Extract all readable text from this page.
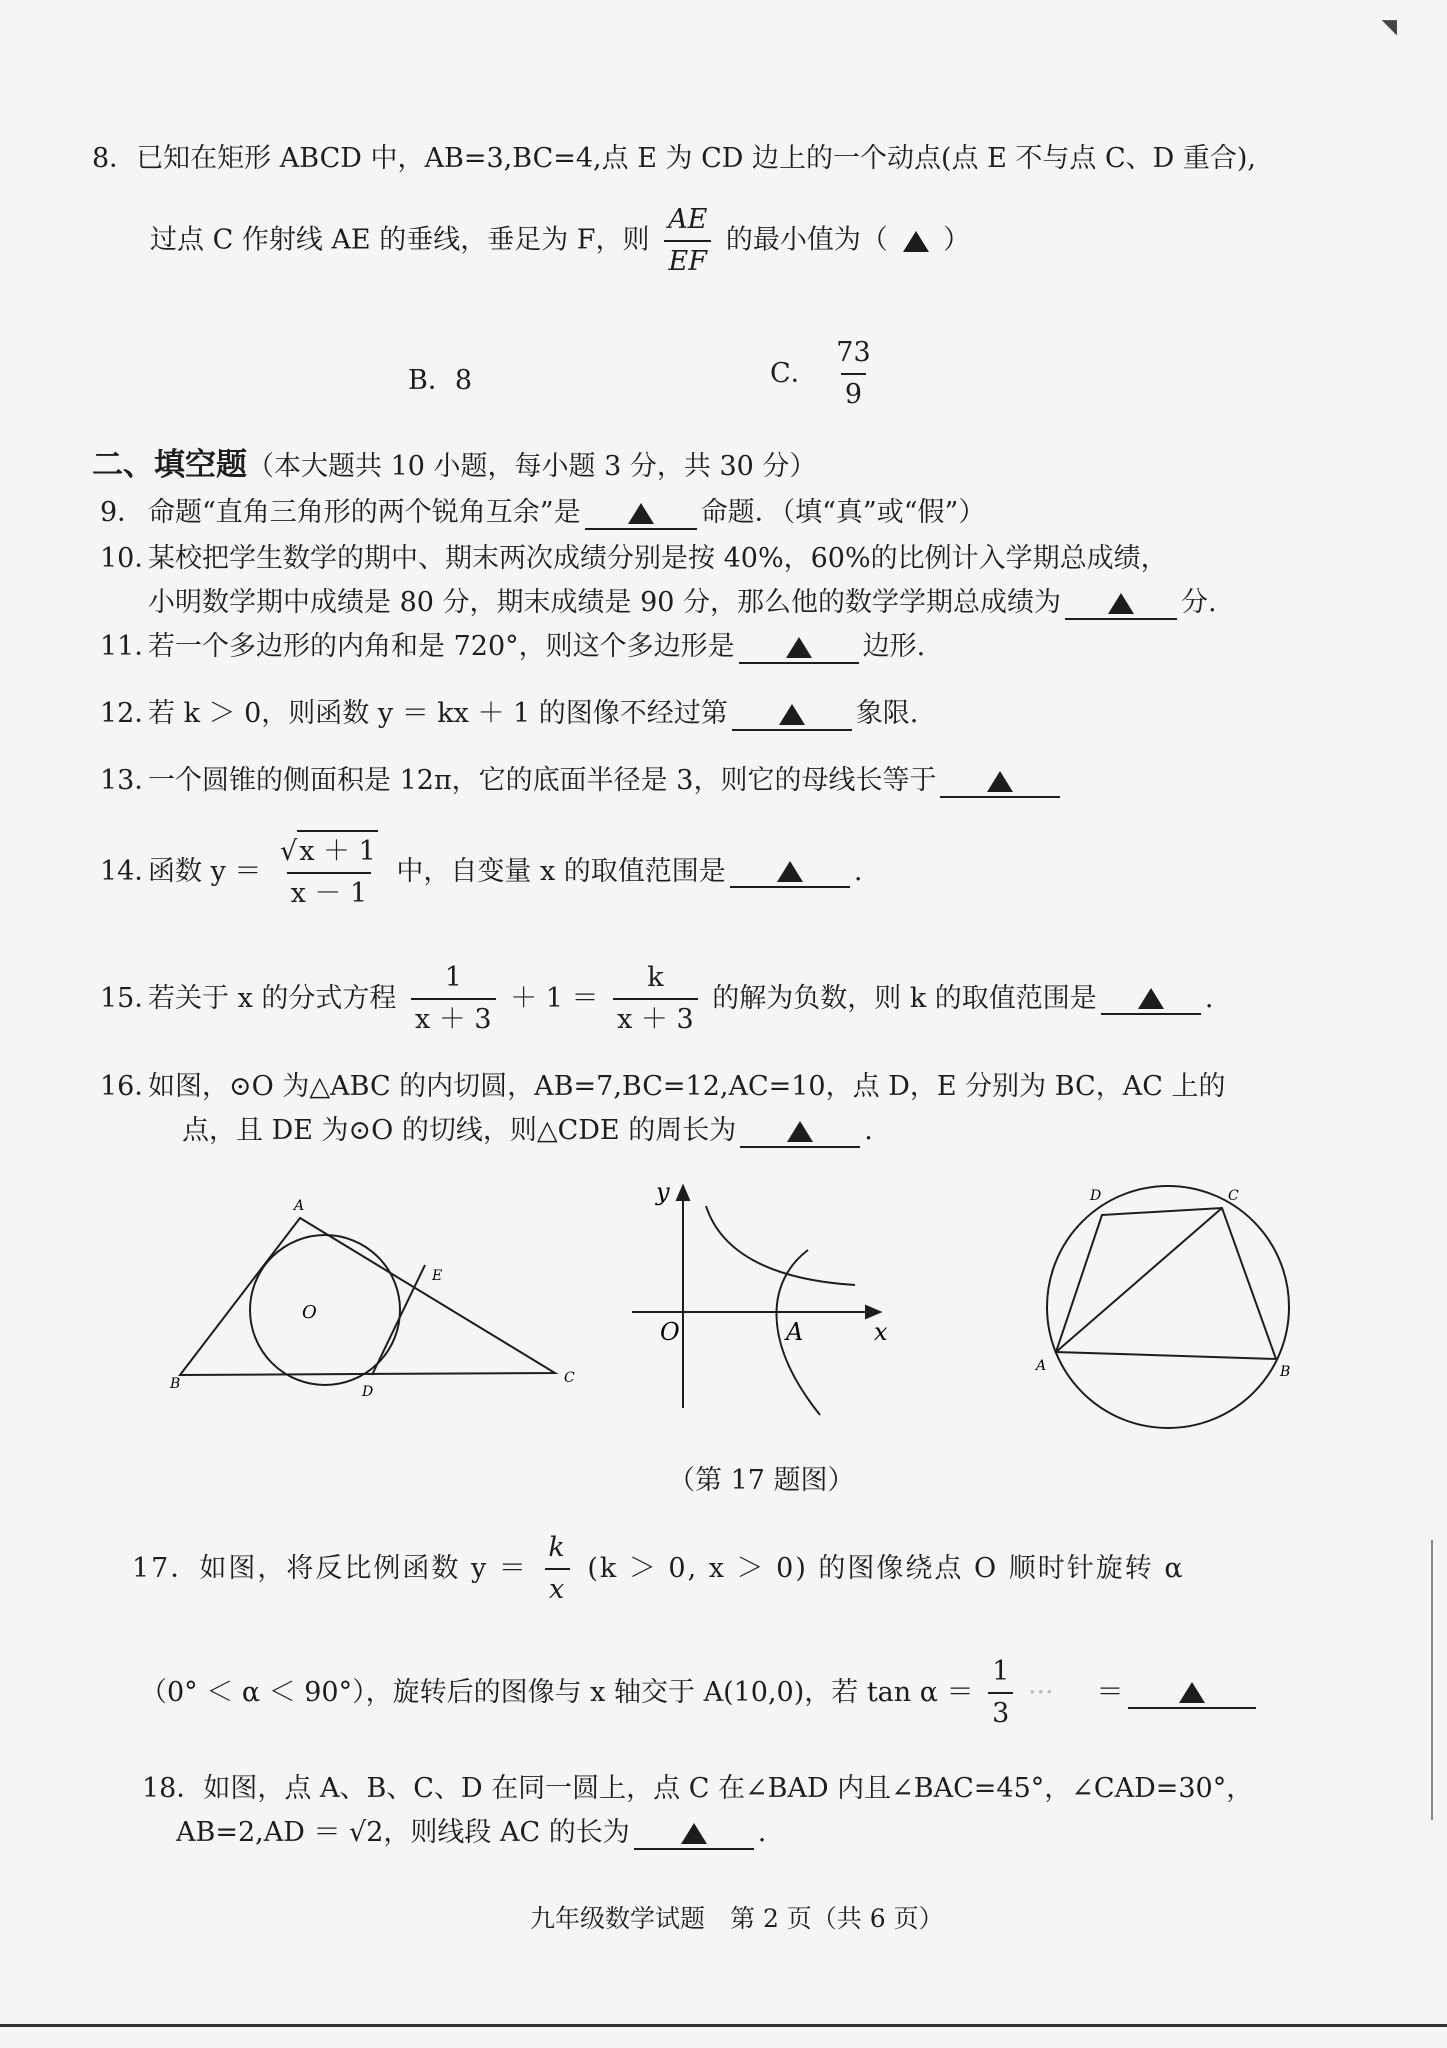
◥
8．已知在矩形 ABCD 中，AB=3,BC=4,点 E 为 CD 边上的一个动点(点 E 不与点 C、D 重合),
过点 C 作射线 AE 的垂线，垂足为 F，则 $\frac{AE}{EF}$ 的最小值为（ ）
B．8	C． $\frac{73}{9}$
二、填空题（本大题共 10 小题，每小题 3 分，共 30 分）
9． 命题“直角三角形的两个锐角互余”是	命题．（填“真”或“假”）
10．某校把学生数学的期中、期末两次成绩分别是按 40%，60%的比例计入学期总成绩，
小明数学期中成绩是 80 分，期末成绩是 90 分，那么他的数学学期总成绩为	分.
11．若一个多边形的内角和是 720°，则这个多边形是	边形.
12．若 k ＞ 0，则函数 y ＝ kx ＋ 1 的图像不经过第	象限.
13．一个圆锥的侧面积是 12π，它的底面半径是 3，则它的母线长等于
14．函数 $y = \frac{√x + 1}{x - 1}$ 中，自变量 x 的取值范围是	.
15．若关于 x 的分式方程 $\frac{1}{x + 3} + 1 = \frac{k}{x + 3}$ 的解为负数，则 k 的取值范围是	.
16．如图，⊙O 为△ABC 的内切圆，AB=7,BC=12,AC=10，点 D，E 分别为 BC，AC 上的
点，且 DE 为⊙O 的切线，则△CDE 的周长为	.
A
B	C
D
E
O
y
O	A	x
D	C
A	B
（第 17 题图）
17．如图，将反比例函数 $y = \frac{k}{x} (k > 0$, x ＞ 0) 的图像绕点 O 顺时针旋转 α
（0° ＜ α ＜ 90°），旋转后的图像与 x 轴交于 A(10,0)，若 $\tan \alpha = \frac{1}{3}$ ··· ＝
18．如图，点 A、B、C、D 在同一圆上，点 C 在∠BAD 内且∠BAC=45°，∠CAD=30°，
AB=2,AD ＝ √2，则线段 AC 的长为	.
九年级数学试题　第 2 页（共 6 页）
